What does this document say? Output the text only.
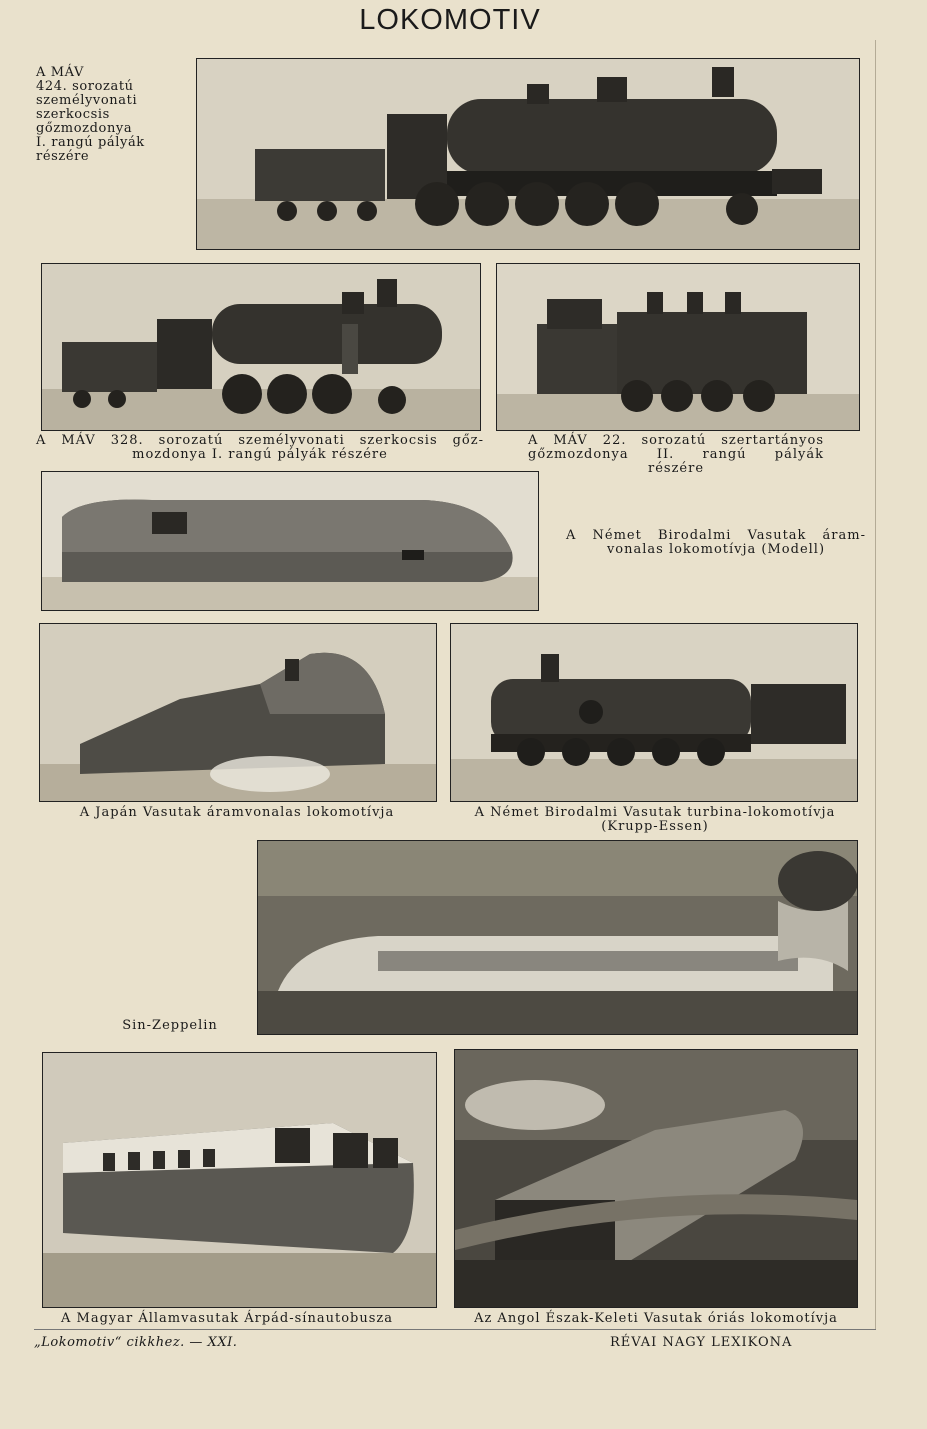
LOKOMOTIV
A MÁV
424. sorozatú
személyvonati
szerkocsis
gőzmozdonya
I. rangú pályák
részére
A MÁV 328. sorozatú személyvonati szerkocsis gőz-
mozdonya I. rangú pályák részére
A MÁV 22. sorozatú szertartányos
gőzmozdonya II. rangú pályák
részére
A Német Birodalmi Vasutak áram-
vonalas lokomotívja (Modell)
A Japán Vasutak áramvonalas lokomotívja	A Német Birodalmi Vasutak turbina-lokomotívja
(Krupp-Essen)
Sin-Zeppelin
A Magyar Államvasutak Árpád-sínautobusza	Az Angol Észak-Keleti Vasutak óriás lokomotívja
„Lokomotiv“ cikkhez. — XXI.	RÉVAI NAGY LEXIKONA
